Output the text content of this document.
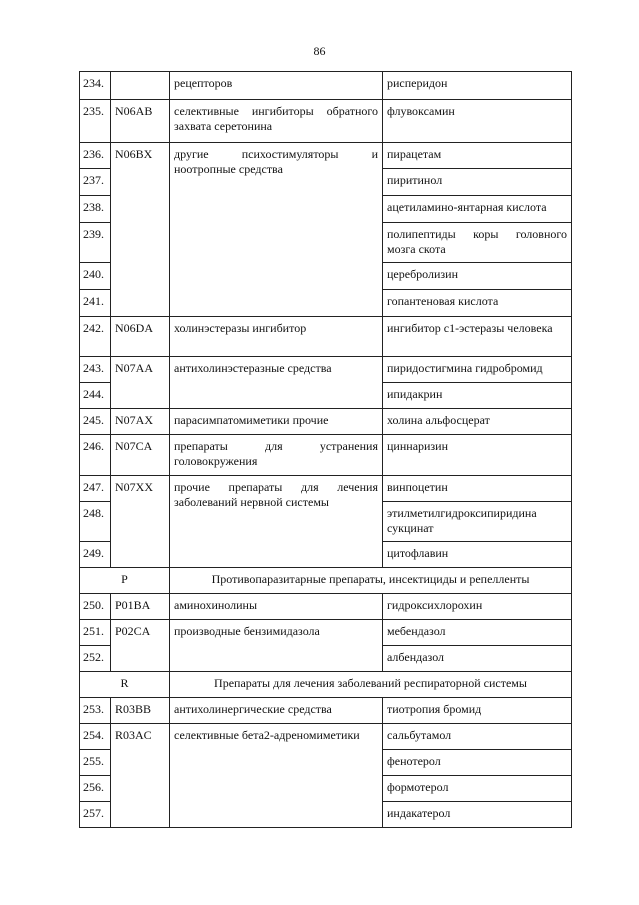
86
234.		рецепторов	рисперидон
235.	N06AB	селективные ингибиторы обратного захвата серетонина	флувоксамин
236.	N06BX	другие психостимуляторы и ноотропные средства	пирацетам
237.			пиритинол
238.			ацетиламино-янтарная кислота
239.			полипептиды коры головного мозга скота
240.			церебролизин
241.			гопантеновая кислота
242.	N06DA	холинэстеразы ингибитор	ингибитор c1-эстеразы человека
243.	N07AA	антихолинэстеразные средства	пиридостигмина гидробромид
244.			ипидакрин
245.	N07AX	парасимпатомиметики прочие	холина альфосцерат
246.	N07CA	препараты для устранения головокружения	циннаризин
247.	N07XX	прочие препараты для лечения заболеваний нервной системы	винпоцетин
248.			этилметилгидроксипиридина сукцинат
249.			цитофлавин
P		Противопаразитарные препараты, инсектициды и репелленты	
250.	P01BA	аминохинолины	гидроксихлорохин
251.	P02CA	производные бензимидазола	мебендазол
252.			албендазол
R		Препараты для лечения заболеваний респираторной системы	
253.	R03BB	антихолинергические средства	тиотропия бромид
254.	R03AC	селективные бета2-адреномиметики	сальбутамол
255.			фенотерол
256.			формотерол
257.			индакатерол
